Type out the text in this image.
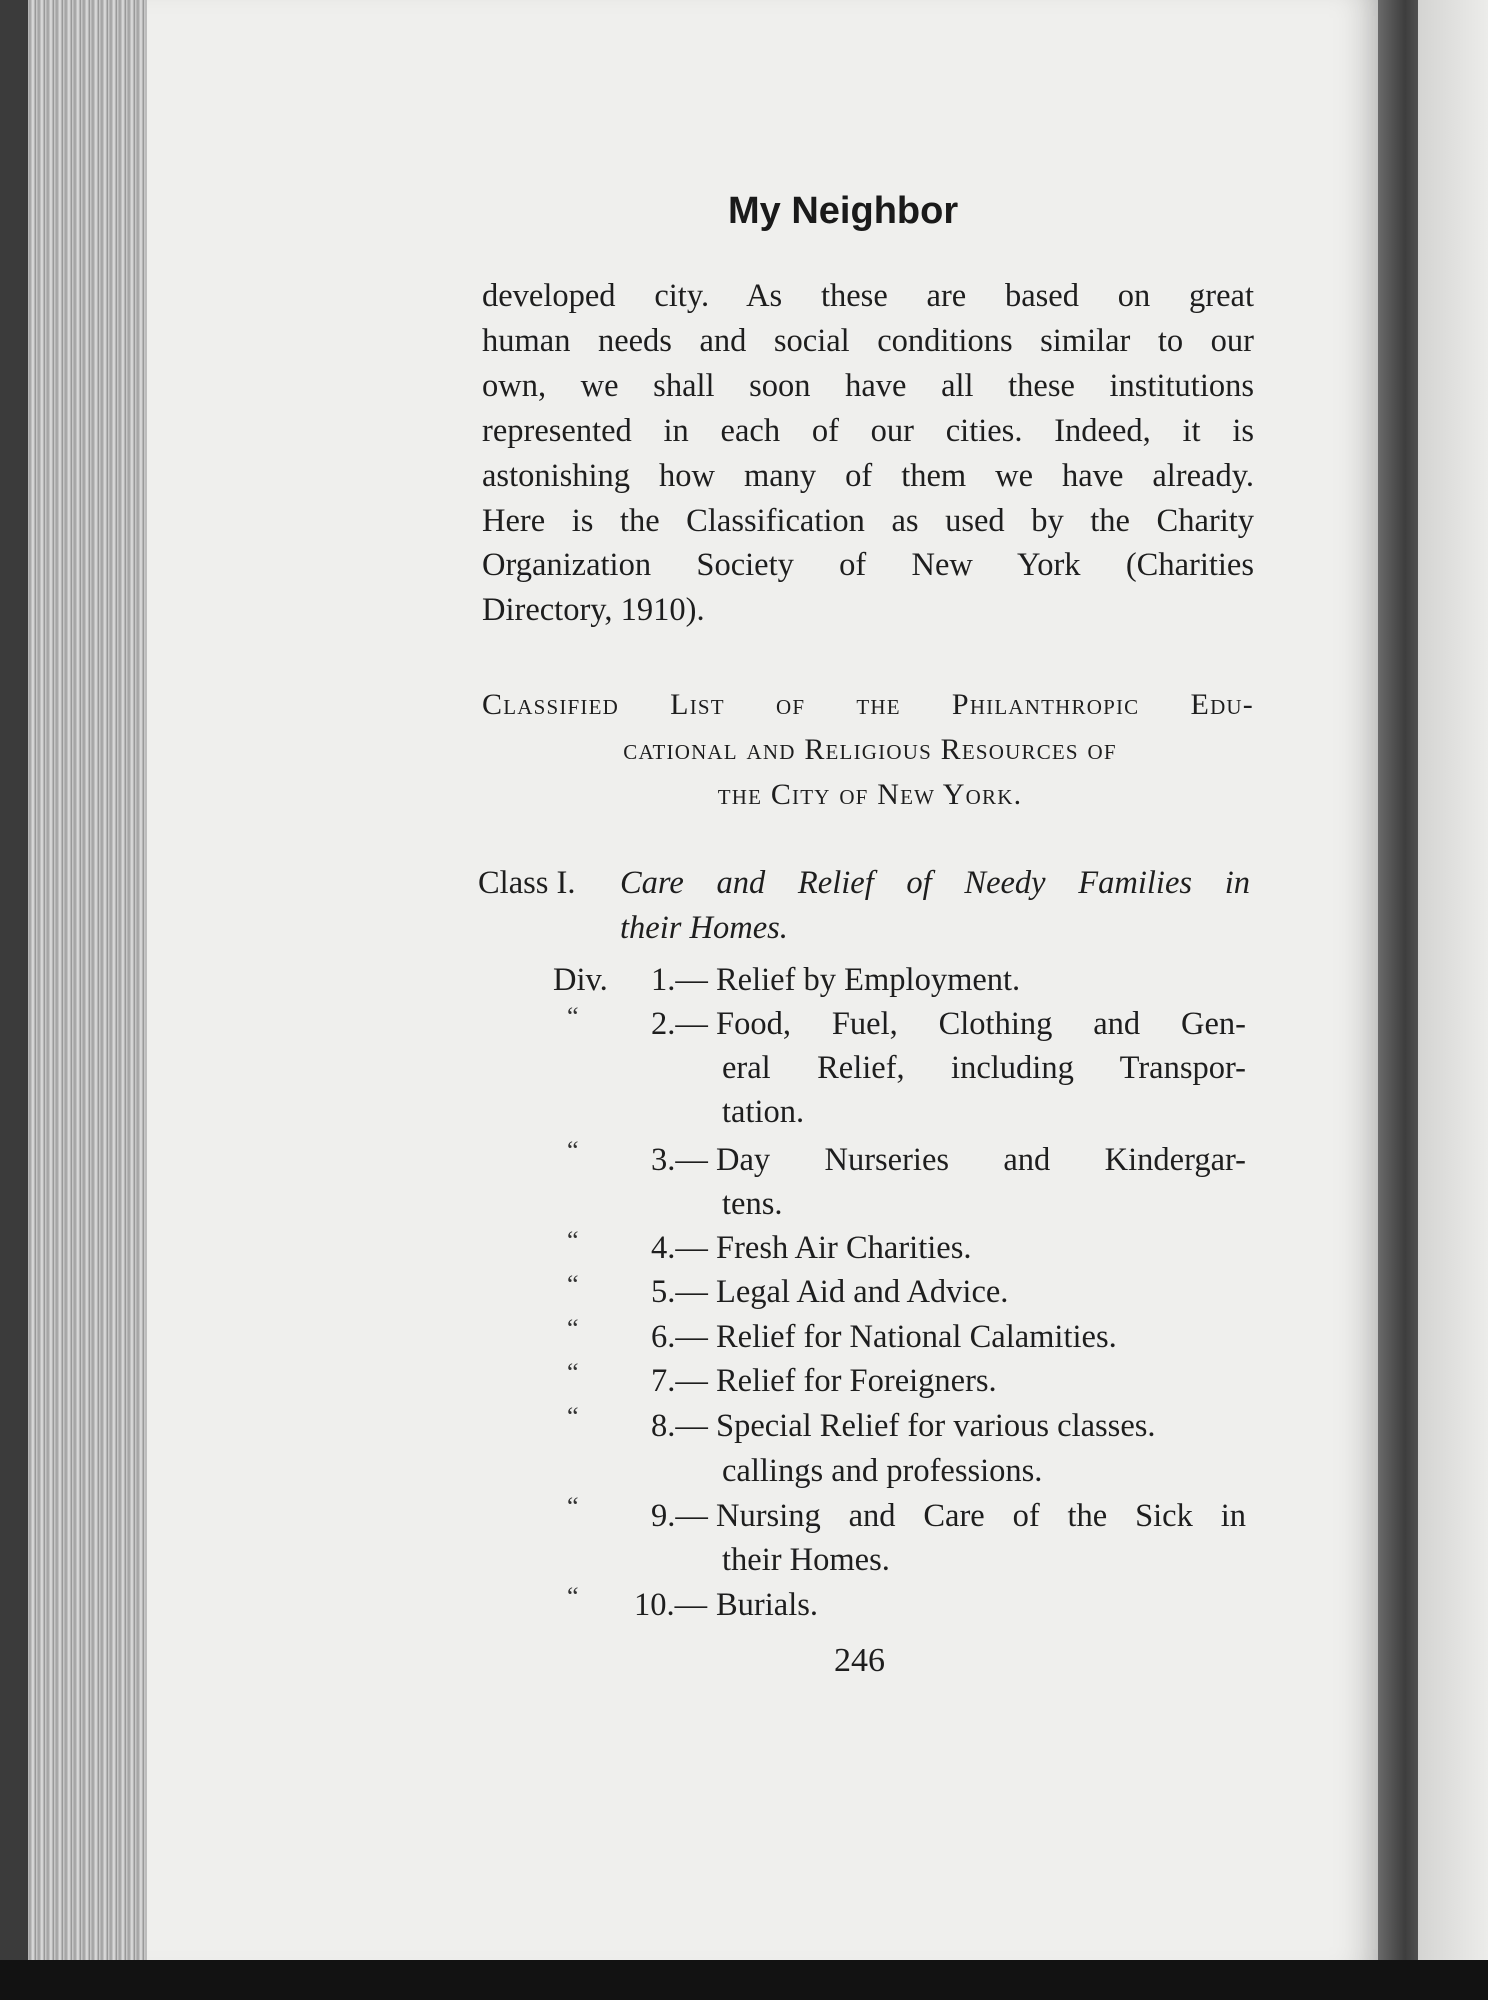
My Neighbor
developed city. As these are based on great
human needs and social conditions similar to our
own, we shall soon have all these institutions
represented in each of our cities. Indeed, it is
astonishing how many of them we have already.
Here is the Classification as used by the Charity
Organization Society of New York (Charities
Directory, 1910).
Classified List of the Philanthropic Edu-
cational and Religious Resources of
the City of New York.
Class I. Care and Relief of Needy Families in
their Homes.
Div. 1.— Relief by Employment.
“ 2.— Food, Fuel, Clothing and Gen-
eral Relief, including Transpor-
tation.
“ 3.— Day Nurseries and Kindergar-
tens.
“ 4.— Fresh Air Charities.
“ 5.— Legal Aid and Advice.
“ 6.— Relief for National Calamities.
“ 7.— Relief for Foreigners.
“ 8.— Special Relief for various classes.
callings and professions.
“ 9.— Nursing and Care of the Sick in
their Homes.
“ 10.— Burials.
246
